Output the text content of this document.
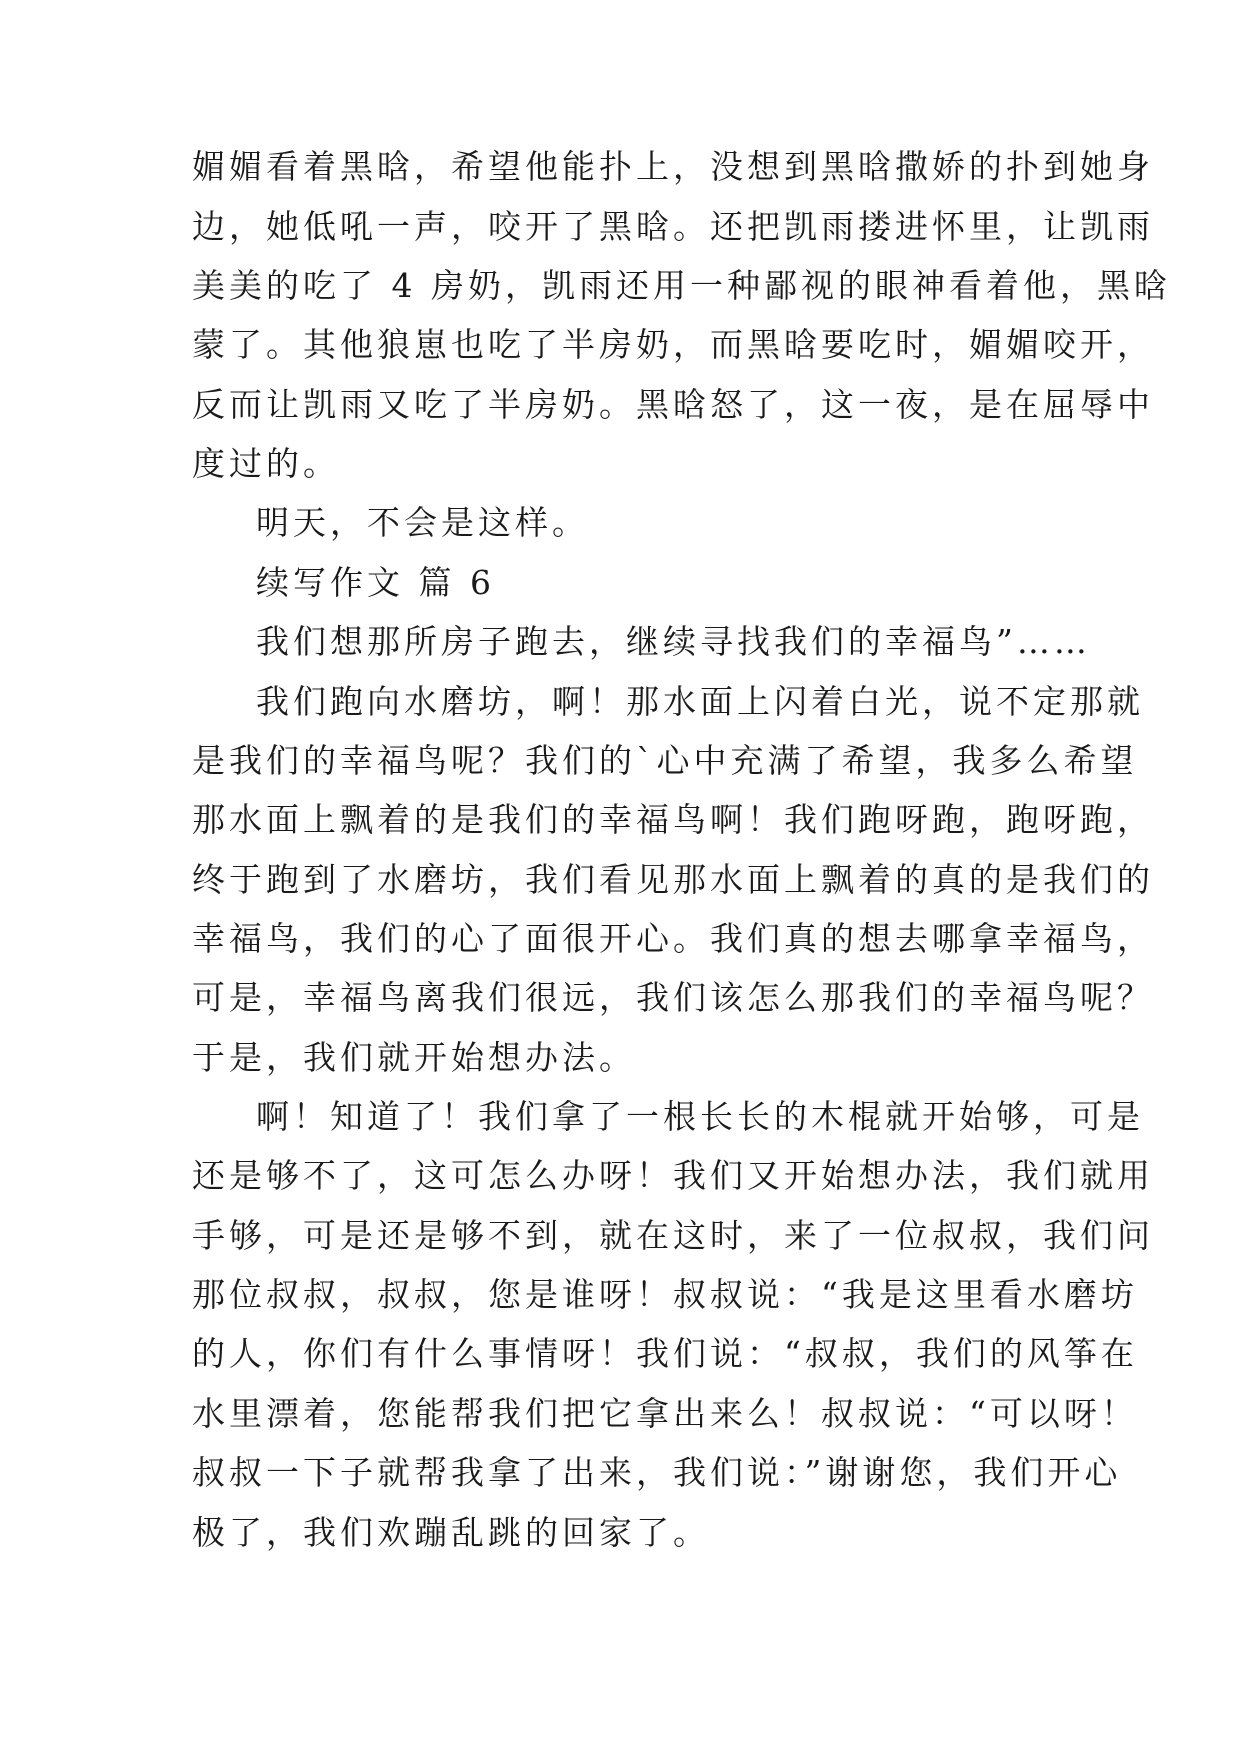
媚媚看着黑晗，希望他能扑上，没想到黑晗撒娇的扑到她身

边，她低吼一声，咬开了黑晗。还把凯雨搂进怀里，让凯雨

美美的吃了 4 房奶，凯雨还用一种鄙视的眼神看着他，黑晗

蒙了。其他狼崽也吃了半房奶，而黑晗要吃时，媚媚咬开，

反而让凯雨又吃了半房奶。黑晗怒了，这一夜，是在屈辱中

度过的。

明天，不会是这样。

续写作文 篇 6

我们想那所房子跑去，继续寻找我们的幸福鸟”……

我们跑向水磨坊，啊！那水面上闪着白光，说不定那就

是我们的幸福鸟呢？我们的`心中充满了希望，我多么希望

那水面上飘着的是我们的幸福鸟啊！我们跑呀跑，跑呀跑，

终于跑到了水磨坊，我们看见那水面上飘着的真的是我们的

幸福鸟，我们的心了面很开心。我们真的想去哪拿幸福鸟，

可是，幸福鸟离我们很远，我们该怎么那我们的幸福鸟呢？

于是，我们就开始想办法。

啊！知道了！我们拿了一根长长的木棍就开始够，可是

还是够不了，这可怎么办呀！我们又开始想办法，我们就用

手够，可是还是够不到，就在这时，来了一位叔叔，我们问

那位叔叔，叔叔，您是谁呀！叔叔说：“我是这里看水磨坊

的人，你们有什么事情呀！我们说：“叔叔，我们的风筝在

水里漂着，您能帮我们把它拿出来么！叔叔说：“可以呀！

叔叔一下子就帮我拿了出来，我们说：”谢谢您，我们开心

极了，我们欢蹦乱跳的回家了。
